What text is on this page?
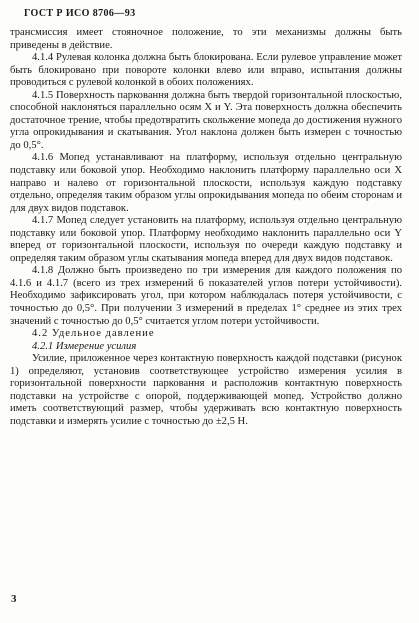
ГОСТ Р ИСО 8706—93

трансмиссия имеет стояночное положение, то эти механизмы должны быть приведены в действие.

4.1.4 Рулевая колонка должна быть блокирована. Если рулевое управление может быть блокировано при повороте колонки влево или вправо, испытания должны проводиться с рулевой колонкой в обоих положениях.

4.1.5 Поверхность парковання должна быть твердой горизонтальной плоскостью, способной наклоняться параллельно осям X и Y. Эта поверхность должна обеспечить достаточное трение, чтобы предотвратить скольжение мопеда до достижения нужного угла опрокидывания и скатывания. Угол наклона должен быть измерен с точностью до 0,5°.

4.1.6 Мопед устанавливают на платформу, используя отдельно центральную подставку или боковой упор. Необходимо наклонить платформу параллельно оси X направо и налево от горизонтальной плоскости, используя каждую подставку отдельно, определяя таким образом углы опрокидывания мопеда по обеим сторонам и для двух видов подставок.

4.1.7 Мопед следует установить на платформу, используя отдельно центральную подставку или боковой упор. Платформу необходимо наклонить параллельно оси Y вперед от горизонтальной плоскости, используя по очереди каждую подставку и определяя таким образом углы скатывания мопеда вперед для двух видов подставок.

4.1.8 Должно быть произведено по три измерения для каждого положения по 4.1.6 и 4.1.7 (всего из трех измерений 6 показателей углов потери устойчивости). Необходимо зафиксировать угол, при котором наблюдалась потеря устойчивости, с точностью до 0,5°. При получении 3 измерений в пределах 1° среднее из этих трех значений с точностью до 0,5° считается углом потери устойчивости.

4.2 Удельное давление

4.2.1 Измерение усилия

Усилие, приложенное через контактную поверхность каждой подставки (рисунок 1) определяют, установив соответствующее устройство измерения усилия в горизонтальной поверхности парковання и расположив контактную поверхность подставки на устройстве с опорой, поддерживающей мопед. Устройство должно иметь соответствующий размер, чтобы удерживать всю контактную поверхность подставки и измерять усилие с точностью до ±2,5 Н.

3
